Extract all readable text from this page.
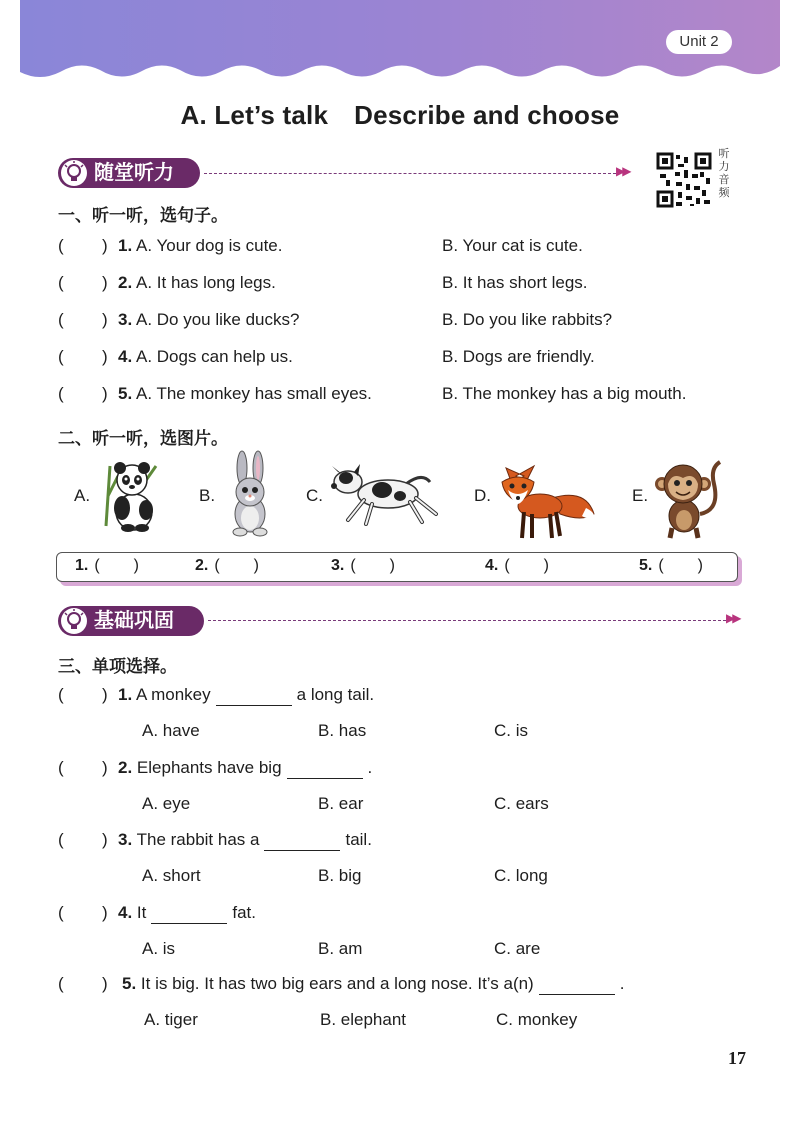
Unit 2
A. Let’s talk Describe and choose
随堂听力	▶▶
听力音频
一、听一听，选句子。
( ) 1. A. Your dog is cute.	B. Your cat is cute.
( ) 2. A. It has long legs.	B. It has short legs.
( ) 3. A. Do you like ducks?	B. Do you like rabbits?
( ) 4. A. Dogs can help us.	B. Dogs are friendly.
( ) 5. A. The monkey has small eyes.	B. The monkey has a big mouth.
二、听一听，选图片。
A.	B.	C.	D.	E.
1. ( )	2. ( )	3. ( )	4. ( )	5. ( )
基础巩固	▶▶
三、单项选择。
( ) 1. A monkey	a long tail.
A. have	B. has	C. is
( ) 2. Elephants have big	.
A. eye	B. ear	C. ears
( ) 3. The rabbit has a	tail.
A. short	B. big	C. long
( ) 4. It	fat.
A. is	B. am	C. are
( ) 5. It is big. It has two big ears and a long nose. It’s a(n)	.
A. tiger	B. elephant	C. monkey
17
